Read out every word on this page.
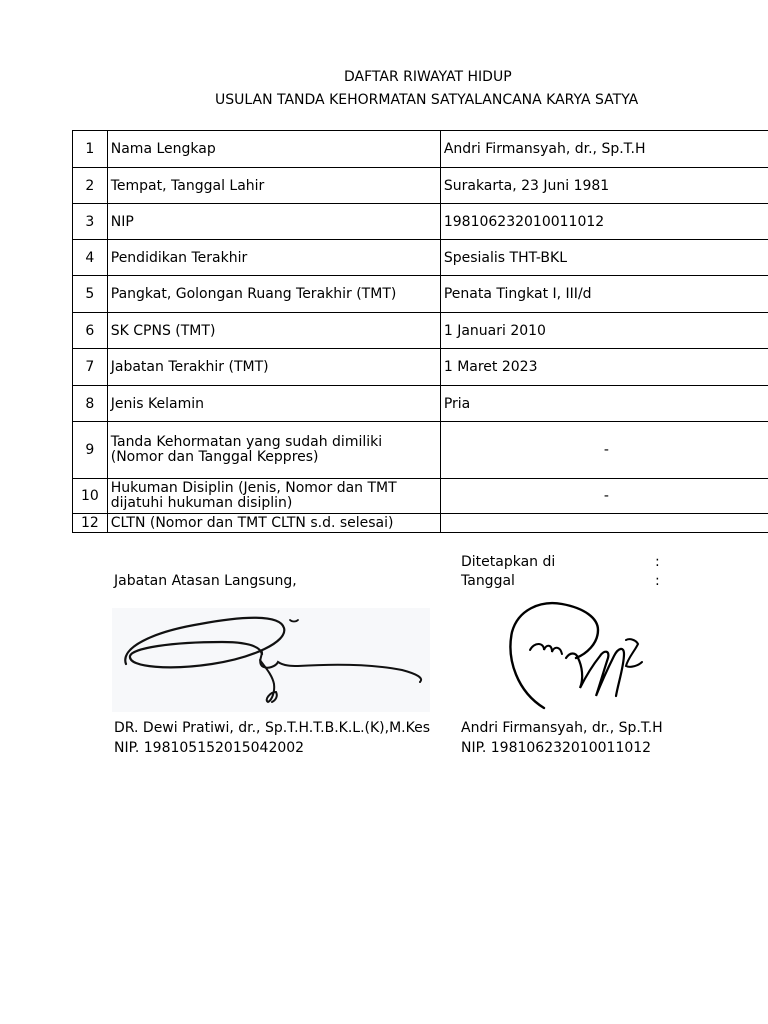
DAFTAR RIWAYAT HIDUP
USULAN TANDA KEHORMATAN SATYALANCANA KARYA SATYA
1	Nama Lengkap	Andri Firmansyah, dr., Sp.T.H
2	Tempat, Tanggal Lahir	Surakarta, 23 Juni 1981
3	NIP	198106232010011012
4	Pendidikan Terakhir	Spesialis THT-BKL
5	Pangkat, Golongan Ruang Terakhir (TMT)	Penata Tingkat I, III/d
6	SK CPNS (TMT)	1 Januari 2010
7	Jabatan Terakhir (TMT)	1 Maret 2023
8	Jenis Kelamin	Pria
9	Tanda Kehormatan yang sudah dimiliki (Nomor dan Tanggal Keppres)	-
10	Hukuman Disiplin (Jenis, Nomor dan TMT dijatuhi hukuman disiplin)	-
12	CLTN (Nomor dan TMT CLTN s.d. selesai)	
Ditetapkan di	:
Jabatan Atasan Langsung,	Tanggal	:
DR. Dewi Pratiwi, dr., Sp.T.H.T.B.K.L.(K),M.Kes Andri Firmansyah, dr., Sp.T.H
NIP. 198105152015042002	NIP. 198106232010011012
